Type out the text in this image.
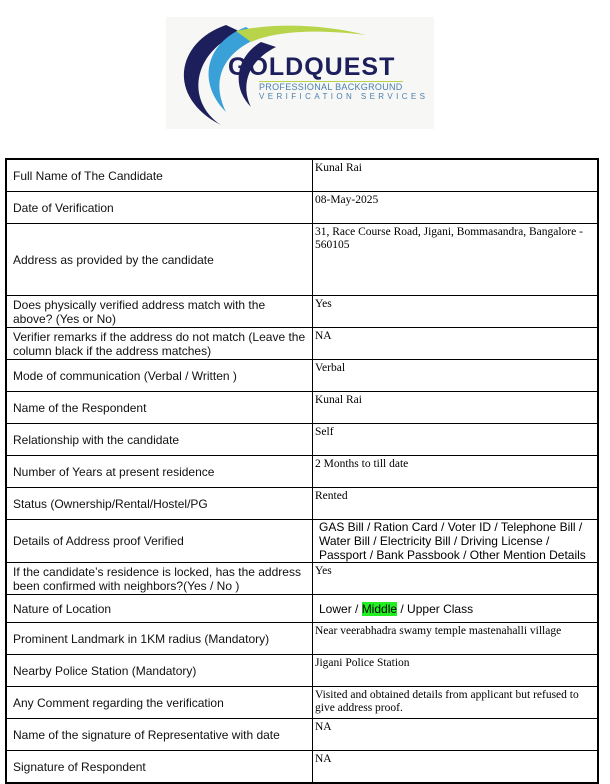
GOLDQUEST
PROFESSIONAL BACKGROUND
VERIFICATION SERVICES
Full Name of The Candidate	Kunal Rai
Date of Verification	08-May-2025
Address as provided by the candidate	31, Race Course Road, Jigani, Bommasandra, Bangalore - 560105
Does physically verified address match with the above? (Yes or No)	Yes
Verifier remarks if the address do not match (Leave the column black if the address matches)	NA
Mode of communication (Verbal / Written )	Verbal
Name of the Respondent	Kunal Rai
Relationship with the candidate	Self
Number of Years at present residence	2 Months to till date
Status (Ownership/Rental/Hostel/PG	Rented
Details of Address proof Verified	GAS Bill / Ration Card / Voter ID / Telephone Bill / Water Bill / Electricity Bill / Driving License / Passport / Bank Passbook / Other Mention Details
If the candidate’s residence is locked, has the address been confirmed with neighbors?(Yes / No )	Yes
Nature of Location	Lower / Middle / Upper Class
Prominent Landmark in 1KM radius (Mandatory)	Near veerabhadra swamy temple mastenahalli village
Nearby Police Station (Mandatory)	Jigani Police Station
Any Comment regarding the verification	Visited and obtained details from applicant but refused to give address proof.
Name of the signature of Representative with date	NA
Signature of Respondent	NA
